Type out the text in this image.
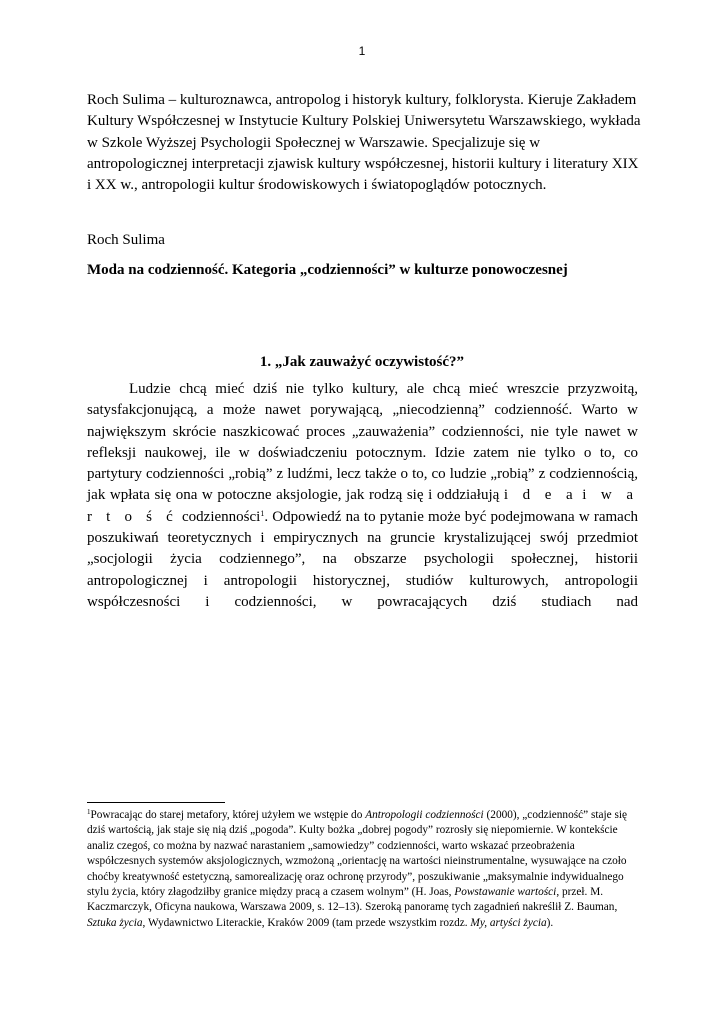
1

Roch Sulima – kulturoznawca, antropolog i historyk kultury, folklorysta. Kieruje Zakładem Kultury Współczesnej w Instytucie Kultury Polskiej Uniwersytetu Warszawskiego, wykłada w Szkole Wyższej Psychologii Społecznej w Warszawie. Specjalizuje się w antropologicznej interpretacji zjawisk kultury współczesnej, historii kultury i literatury XIX i XX w., antropologii kultur środowiskowych i światopoglądów potocznych.

Roch Sulima

Moda na codzienność. Kategoria „codzienności” w kulturze ponowoczesnej

1. „Jak zauważyć oczywistość?”

Ludzie chcą mieć dziś nie tylko kultury, ale chcą mieć wreszcie przyzwoitą, satysfakcjonującą, a może nawet porywającą, „niecodzienną” codzienność. Warto w największym skrócie naszkicować proces „zauważenia” codzienności, nie tyle nawet w refleksji naukowej, ile w doświadczeniu potocznym. Idzie zatem nie tylko o to, co partytury codzienności „robią” z ludźmi, lecz także o to, co ludzie „robią” z codziennością, jak wpłata się ona w potoczne aksjologie, jak rodzą się i oddziałują i d e a i w a r t o ś ć codzienności$^1$. Odpowiedź na to pytanie może być podejmowana w ramach poszukiwań teoretycznych i empirycznych na gruncie krystalizującej swój przedmiot „socjologii życia codziennego”, na obszarze psychologii społecznej, historii antropologicznej i antropologii historycznej, studiów kulturowych, antropologii współczesności i codzienności, w powracających dziś studiach nad

$^1$Powracając do starej metafory, której użyłem we wstępie do Antropologii codzienności (2000), „codzienność” staje się dziś wartością, jak staje się nią dziś „pogoda”. Kulty bożka „dobrej pogody” rozrosły się niepomiernie. W kontekście analiz czegoś, co można by nazwać narastaniem „samowiedzy” codzienności, warto wskazać przeobrażenia współczesnych systemów aksjologicznych, wzmożoną „orientację na wartości nieinstrumentalne, wysuwające na czoło choćby kreatywność estetyczną, samorealizację oraz ochronę przyrody”, poszukiwanie „maksymalnie indywidualnego stylu życia, który złagodziłby granice między pracą a czasem wolnym” (H. Joas, Powstawanie wartości, przeł. M. Kaczmarczyk, Oficyna naukowa, Warszawa 2009, s. 12–13). Szeroką panoramę tych zagadnień nakreślił Z. Bauman, Sztuka życia, Wydawnictwo Literackie, Kraków 2009 (tam przede wszystkim rozdz. My, artyści życia).
